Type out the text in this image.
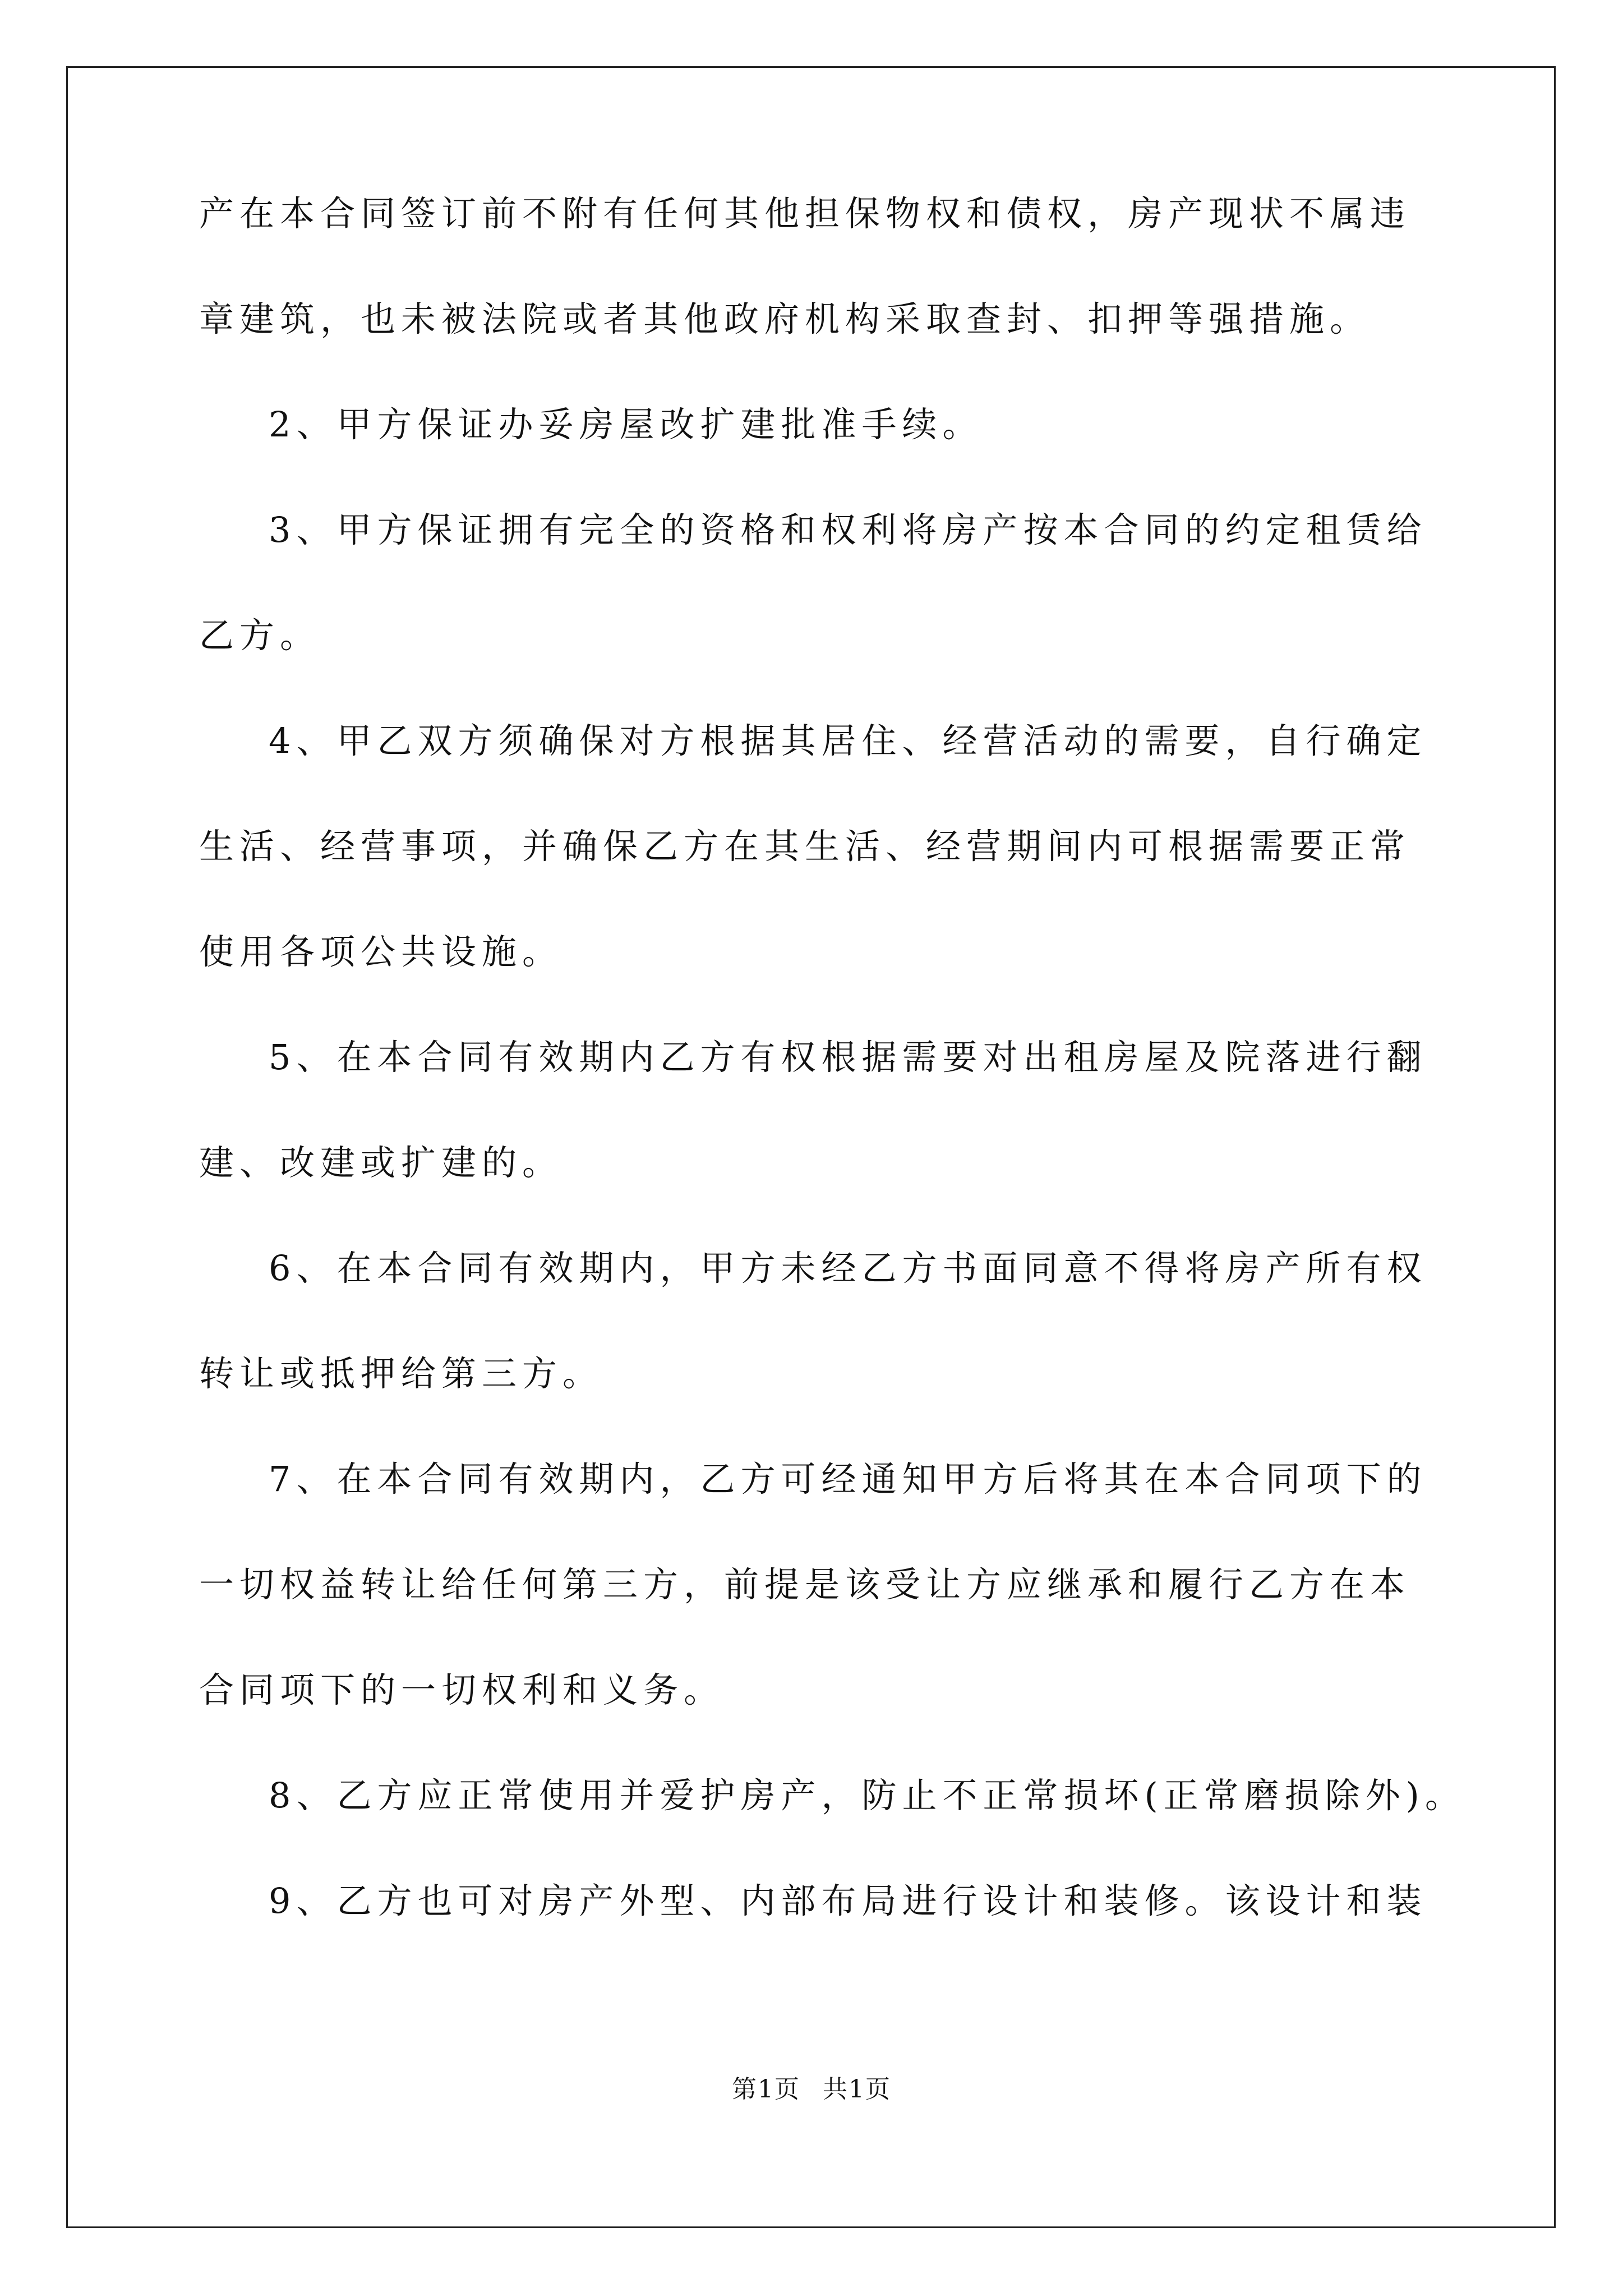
产在本合同签订前不附有任何其他担保物权和债权，房产现状不属违
章建筑，也未被法院或者其他政府机构采取查封、扣押等强措施。
2、甲方保证办妥房屋改扩建批准手续。
3、甲方保证拥有完全的资格和权利将房产按本合同的约定租赁给
乙方。
4、甲乙双方须确保对方根据其居住、经营活动的需要，自行确定
生活、经营事项，并确保乙方在其生活、经营期间内可根据需要正常
使用各项公共设施。
5、在本合同有效期内乙方有权根据需要对出租房屋及院落进行翻
建、改建或扩建的。
6、在本合同有效期内，甲方未经乙方书面同意不得将房产所有权
转让或抵押给第三方。
7、在本合同有效期内，乙方可经通知甲方后将其在本合同项下的
一切权益转让给任何第三方，前提是该受让方应继承和履行乙方在本
合同项下的一切权利和义务。
8、乙方应正常使用并爱护房产，防止不正常损坏(正常磨损除外)。
9、乙方也可对房产外型、内部布局进行设计和装修。该设计和装
第1页 共1页
